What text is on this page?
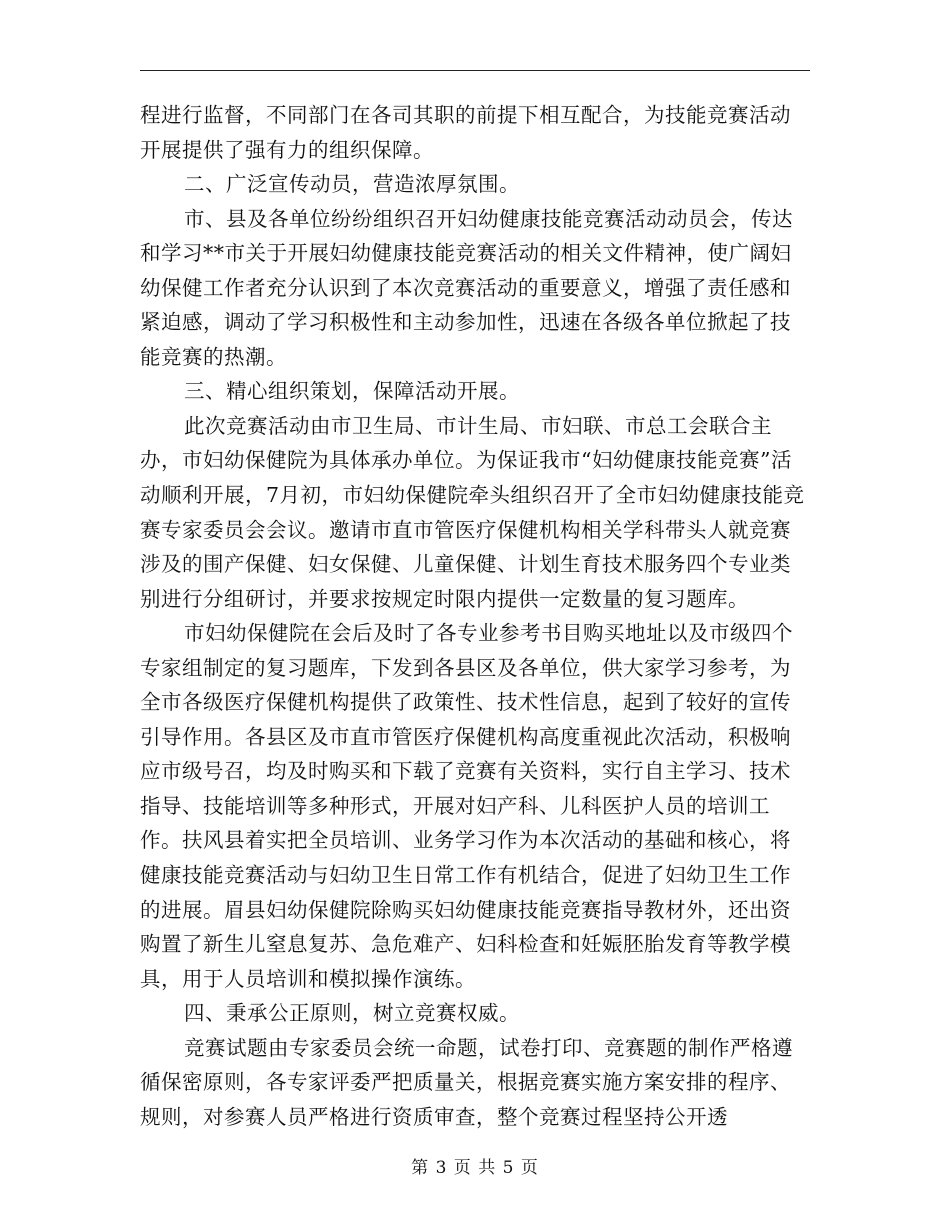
程进行监督，不同部门在各司其职的前提下相互配合，为技能竞赛活动开展提供了强有力的组织保障。

二、广泛宣传动员，营造浓厚氛围。

市、县及各单位纷纷组织召开妇幼健康技能竞赛活动动员会，传达和学习**市关于开展妇幼健康技能竞赛活动的相关文件精神，使广阔妇幼保健工作者充分认识到了本次竞赛活动的重要意义，增强了责任感和紧迫感，调动了学习积极性和主动参加性，迅速在各级各单位掀起了技能竞赛的热潮。

三、精心组织策划，保障活动开展。

此次竞赛活动由市卫生局、市计生局、市妇联、市总工会联合主办，市妇幼保健院为具体承办单位。为保证我市“妇幼健康技能竞赛”活动顺利开展，7月初，市妇幼保健院牵头组织召开了全市妇幼健康技能竞赛专家委员会会议。邀请市直市管医疗保健机构相关学科带头人就竞赛涉及的围产保健、妇女保健、儿童保健、计划生育技术服务四个专业类别进行分组研讨，并要求按规定时限内提供一定数量的复习题库。

市妇幼保健院在会后及时了各专业参考书目购买地址以及市级四个专家组制定的复习题库，下发到各县区及各单位，供大家学习参考，为全市各级医疗保健机构提供了政策性、技术性信息，起到了较好的宣传引导作用。各县区及市直市管医疗保健机构高度重视此次活动，积极响应市级号召，均及时购买和下载了竞赛有关资料，实行自主学习、技术指导、技能培训等多种形式，开展对妇产科、儿科医护人员的培训工作。扶风县着实把全员培训、业务学习作为本次活动的基础和核心，将健康技能竞赛活动与妇幼卫生日常工作有机结合，促进了妇幼卫生工作的进展。眉县妇幼保健院除购买妇幼健康技能竞赛指导教材外，还出资购置了新生儿窒息复苏、急危难产、妇科检查和妊娠胚胎发育等教学模具，用于人员培训和模拟操作演练。

四、秉承公正原则，树立竞赛权威。

竞赛试题由专家委员会统一命题，试卷打印、竞赛题的制作严格遵循保密原则，各专家评委严把质量关，根据竞赛实施方案安排的程序、规则，对参赛人员严格进行资质审查，整个竞赛过程坚持公开透

第 3 页 共 5 页
